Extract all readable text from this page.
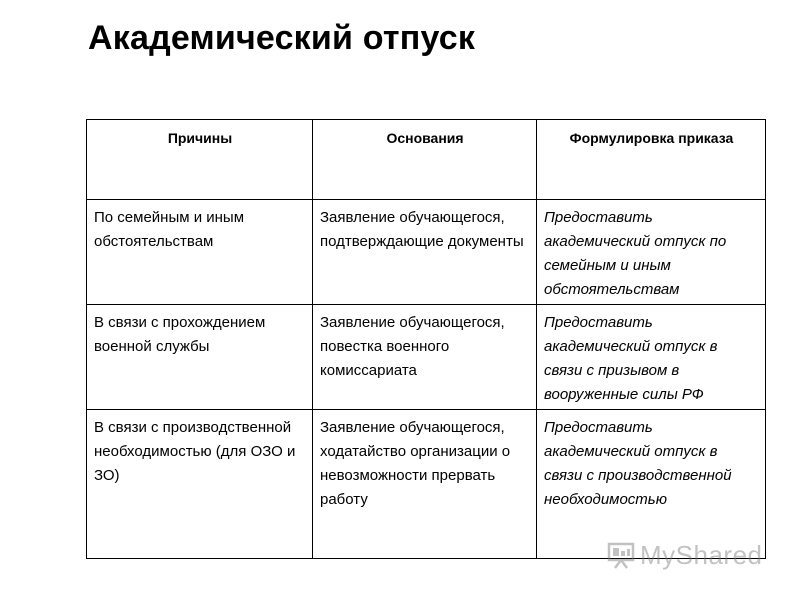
Академический отпуск
Причины	Основания	Формулировка приказа
По семейным и иным обстоятельствам	Заявление обучающегося, подтверждающие документы	Предоставить академический отпуск по семейным и иным обстоятельствам
В связи с прохождением военной службы	Заявление обучающегося, повестка военного комиссариата	Предоставить академический отпуск в связи с призывом в вооруженные силы РФ
В связи с производственной необходимостью (для ОЗО и ЗО)	Заявление обучающегося, ходатайство организации о невозможности прервать работу	Предоставить академический отпуск в связи с производственной необходимостью
MyShared
